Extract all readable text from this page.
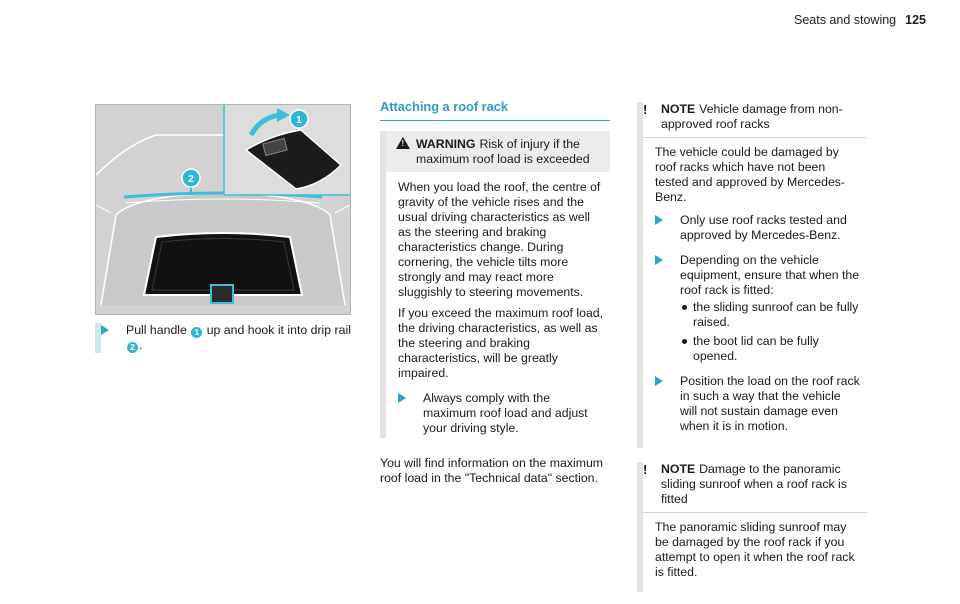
Seats and stowing 125
1
2
Pull handle 1 up and hook it into drip rail
2 .
Attaching a roof rack
! WARNING Risk of injury if the maximum roof load is exceeded

When you load the roof, the centre of gravity of the vehicle rises and the usual driving characteristics as well as the steering and braking characteristics change. During cornering, the vehicle tilts more strongly and may react more sluggishly to steering movements.

If you exceed the maximum roof load, the driving characteristics, as well as the steering and braking characteristics, will be greatly impaired.

Always comply with the maximum roof load and adjust your driving style.

You will find information on the maximum roof load in the "Technical data" section.

! NOTE Vehicle damage from non-approved roof racks

The vehicle could be damaged by roof racks which have not been tested and approved by Mercedes-Benz.

Only use roof racks tested and approved by Mercedes-Benz.
Depending on the vehicle equipment, ensure that when the roof rack is fitted:
the sliding sunroof can be fully raised.
the boot lid can be fully opened.
Position the load on the roof rack in such a way that the vehicle will not sustain damage even when it is in motion.
! NOTE Damage to the panoramic sliding sunroof when a roof rack is fitted

The panoramic sliding sunroof may be damaged by the roof rack if you attempt to open it when the roof rack is fitted.
